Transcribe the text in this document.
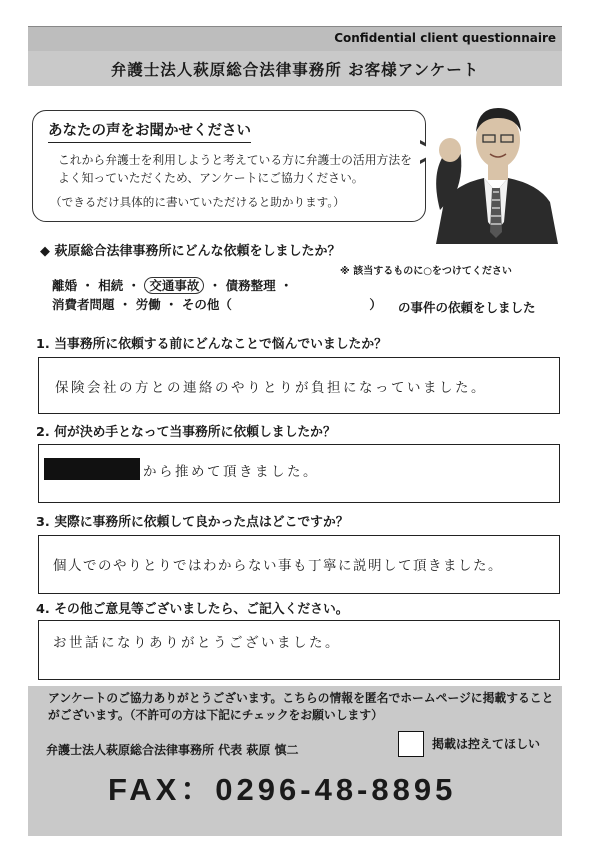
Confidential client questionnaire
弁護士法人萩原総合法律事務所 お客様アンケート
あなたの声をお聞かせください
これから弁護士を利用しようと考えている方に弁護士の活用方法をよく知っていただくため、アンケートにご協力ください。
（できるだけ具体的に書いていただけると助かります。）
◆ 萩原総合法律事務所にどんな依頼をしましたか？
※ 該当するものに○をつけてください
離婚 ・ 相続 ・ 交通事故 ・ 債務整理 ・
消費者問題 ・ 労働 ・ その他（　　　　　　　　　　　） の事件の依頼をしました
1. 当事務所に依頼する前にどんなことで悩んでいましたか？
保険会社の方との連絡のやりとりが負担になっていました。
2. 何が決め手となって当事務所に依頼しましたか？
から推めて頂きました。
3. 実際に事務所に依頼して良かった点はどこですか？
個人でのやりとりではわからない事も丁寧に説明して頂きました。
4. その他ご意見等ございましたら、ご記入ください。
お世話になりありがとうございました。
アンケートのご協力ありがとうございます。こちらの情報を匿名でホームページに掲載することがございます。（不許可の方は下記にチェックをお願いします）
弁護士法人萩原総合法律事務所 代表 萩原 慎二	掲載は控えてほしい
FAX：0296-48-8895
